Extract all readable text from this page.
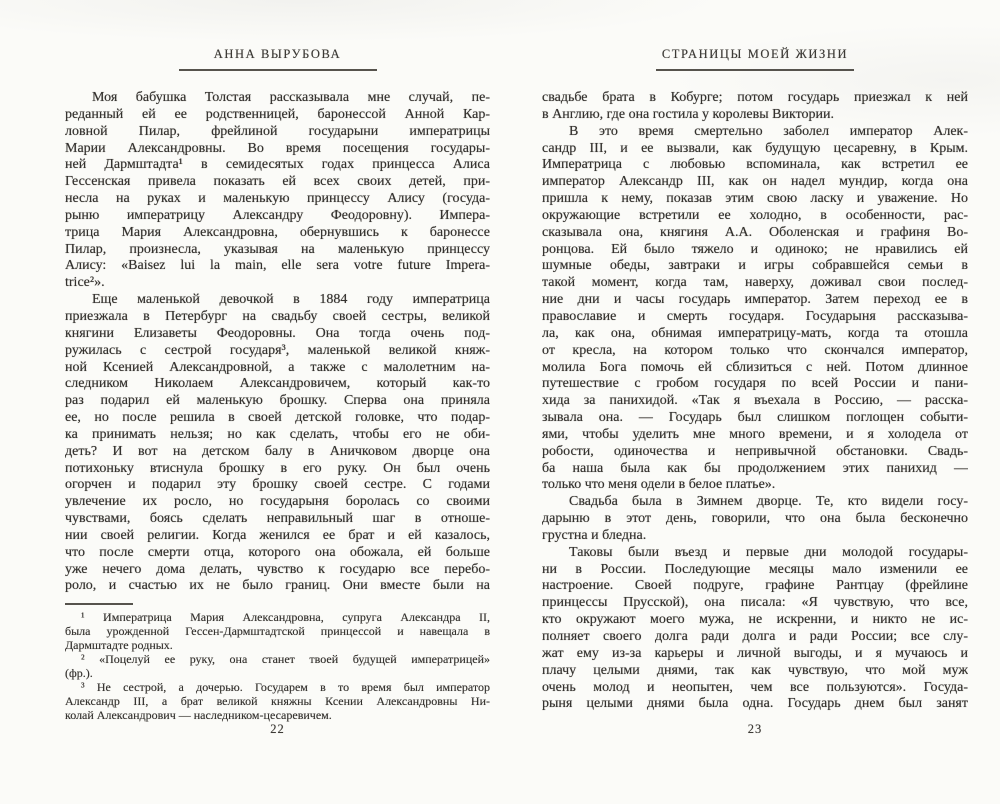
АННА ВЫРУБОВА
Моя бабушка Толстая рассказывала мне случай, пе-
реданный ей ее родственницей, баронессой Анной Кар-
ловной Пилар, фрейлиной государыни императрицы
Марии Александровны. Во время посещения государы-
ней Дармштадта¹ в семидесятых годах принцесса Алиса
Гессенская привела показать ей всех своих детей, при-
несла на руках и маленькую принцессу Алису (госуда-
рыню императрицу Александру Феодоровну). Импера-
трица Мария Александровна, обернувшись к баронессе
Пилар, произнесла, указывая на маленькую принцессу
Алису: «Baisez lui la main, elle sera votre future Impera-
trice²».
Еще маленькой девочкой в 1884 году императрица
приезжала в Петербург на свадьбу своей сестры, великой
княгини Елизаветы Феодоровны. Она тогда очень под-
ружилась с сестрой государя³, маленькой великой княж-
ной Ксенией Александровной, а также с малолетним на-
следником Николаем Александровичем, который как-то
раз подарил ей маленькую брошку. Сперва она приняла
ее, но после решила в своей детской головке, что подар-
ка принимать нельзя; но как сделать, чтобы его не оби-
деть? И вот на детском балу в Аничковом дворце она
потихоньку втиснула брошку в его руку. Он был очень
огорчен и подарил эту брошку своей сестре. С годами
увлечение их росло, но государыня боролась со своими
чувствами, боясь сделать неправильный шаг в отноше-
нии своей религии. Когда женился ее брат и ей казалось,
что после смерти отца, которого она обожала, ей больше
уже нечего дома делать, чувство к государю все перебо-
роло, и счастью их не было границ. Они вместе были на
¹ Императрица Мария Александровна, супруга Александра II,
была урожденной Гессен-Дармштадтской принцессой и навещала в
Дармштадте родных.
² «Поцелуй ее руку, она станет твоей будущей императрицей»
(фр.).
³ Не сестрой, а дочерью. Государем в то время был император
Александр III, а брат великой княжны Ксении Александровны Ни-
колай Александрович — наследником-цесаревичем.
22
СТРАНИЦЫ МОЕЙ ЖИЗНИ
свадьбе брата в Кобурге; потом государь приезжал к ней
в Англию, где она гостила у королевы Виктории.
В это время смертельно заболел император Алек-
сандр III, и ее вызвали, как будущую цесаревну, в Крым.
Императрица с любовью вспоминала, как встретил ее
император Александр III, как он надел мундир, когда она
пришла к нему, показав этим свою ласку и уважение. Но
окружающие встретили ее холодно, в особенности, рас-
сказывала она, княгиня А.А. Оболенская и графиня Во-
ронцова. Ей было тяжело и одиноко; не нравились ей
шумные обеды, завтраки и игры собравшейся семьи в
такой момент, когда там, наверху, доживал свои послед-
ние дни и часы государь император. Затем переход ее в
православие и смерть государя. Государыня рассказыва-
ла, как она, обнимая императрицу-мать, когда та отошла
от кресла, на котором только что скончался император,
молила Бога помочь ей сблизиться с ней. Потом длинное
путешествие с гробом государя по всей России и пани-
хида за панихидой. «Так я въехала в Россию, — расска-
зывала она. — Государь был слишком поглощен событи-
ями, чтобы уделить мне много времени, и я холодела от
робости, одиночества и непривычной обстановки. Свадь-
ба наша была как бы продолжением этих панихид —
только что меня одели в белое платье».
Свадьба была в Зимнем дворце. Те, кто видели госу-
дарыню в этот день, говорили, что она была бесконечно
грустна и бледна.
Таковы были въезд и первые дни молодой государы-
ни в России. Последующие месяцы мало изменили ее
настроение. Своей подруге, графине Рантцау (фрейлине
принцессы Прусской), она писала: «Я чувствую, что все,
кто окружают моего мужа, не искренни, и никто не ис-
полняет своего долга ради долга и ради России; все слу-
жат ему из-за карьеры и личной выгоды, и я мучаюсь и
плачу целыми днями, так как чувствую, что мой муж
очень молод и неопытен, чем все пользуются». Госуда-
рыня целыми днями была одна. Государь днем был занят
23
